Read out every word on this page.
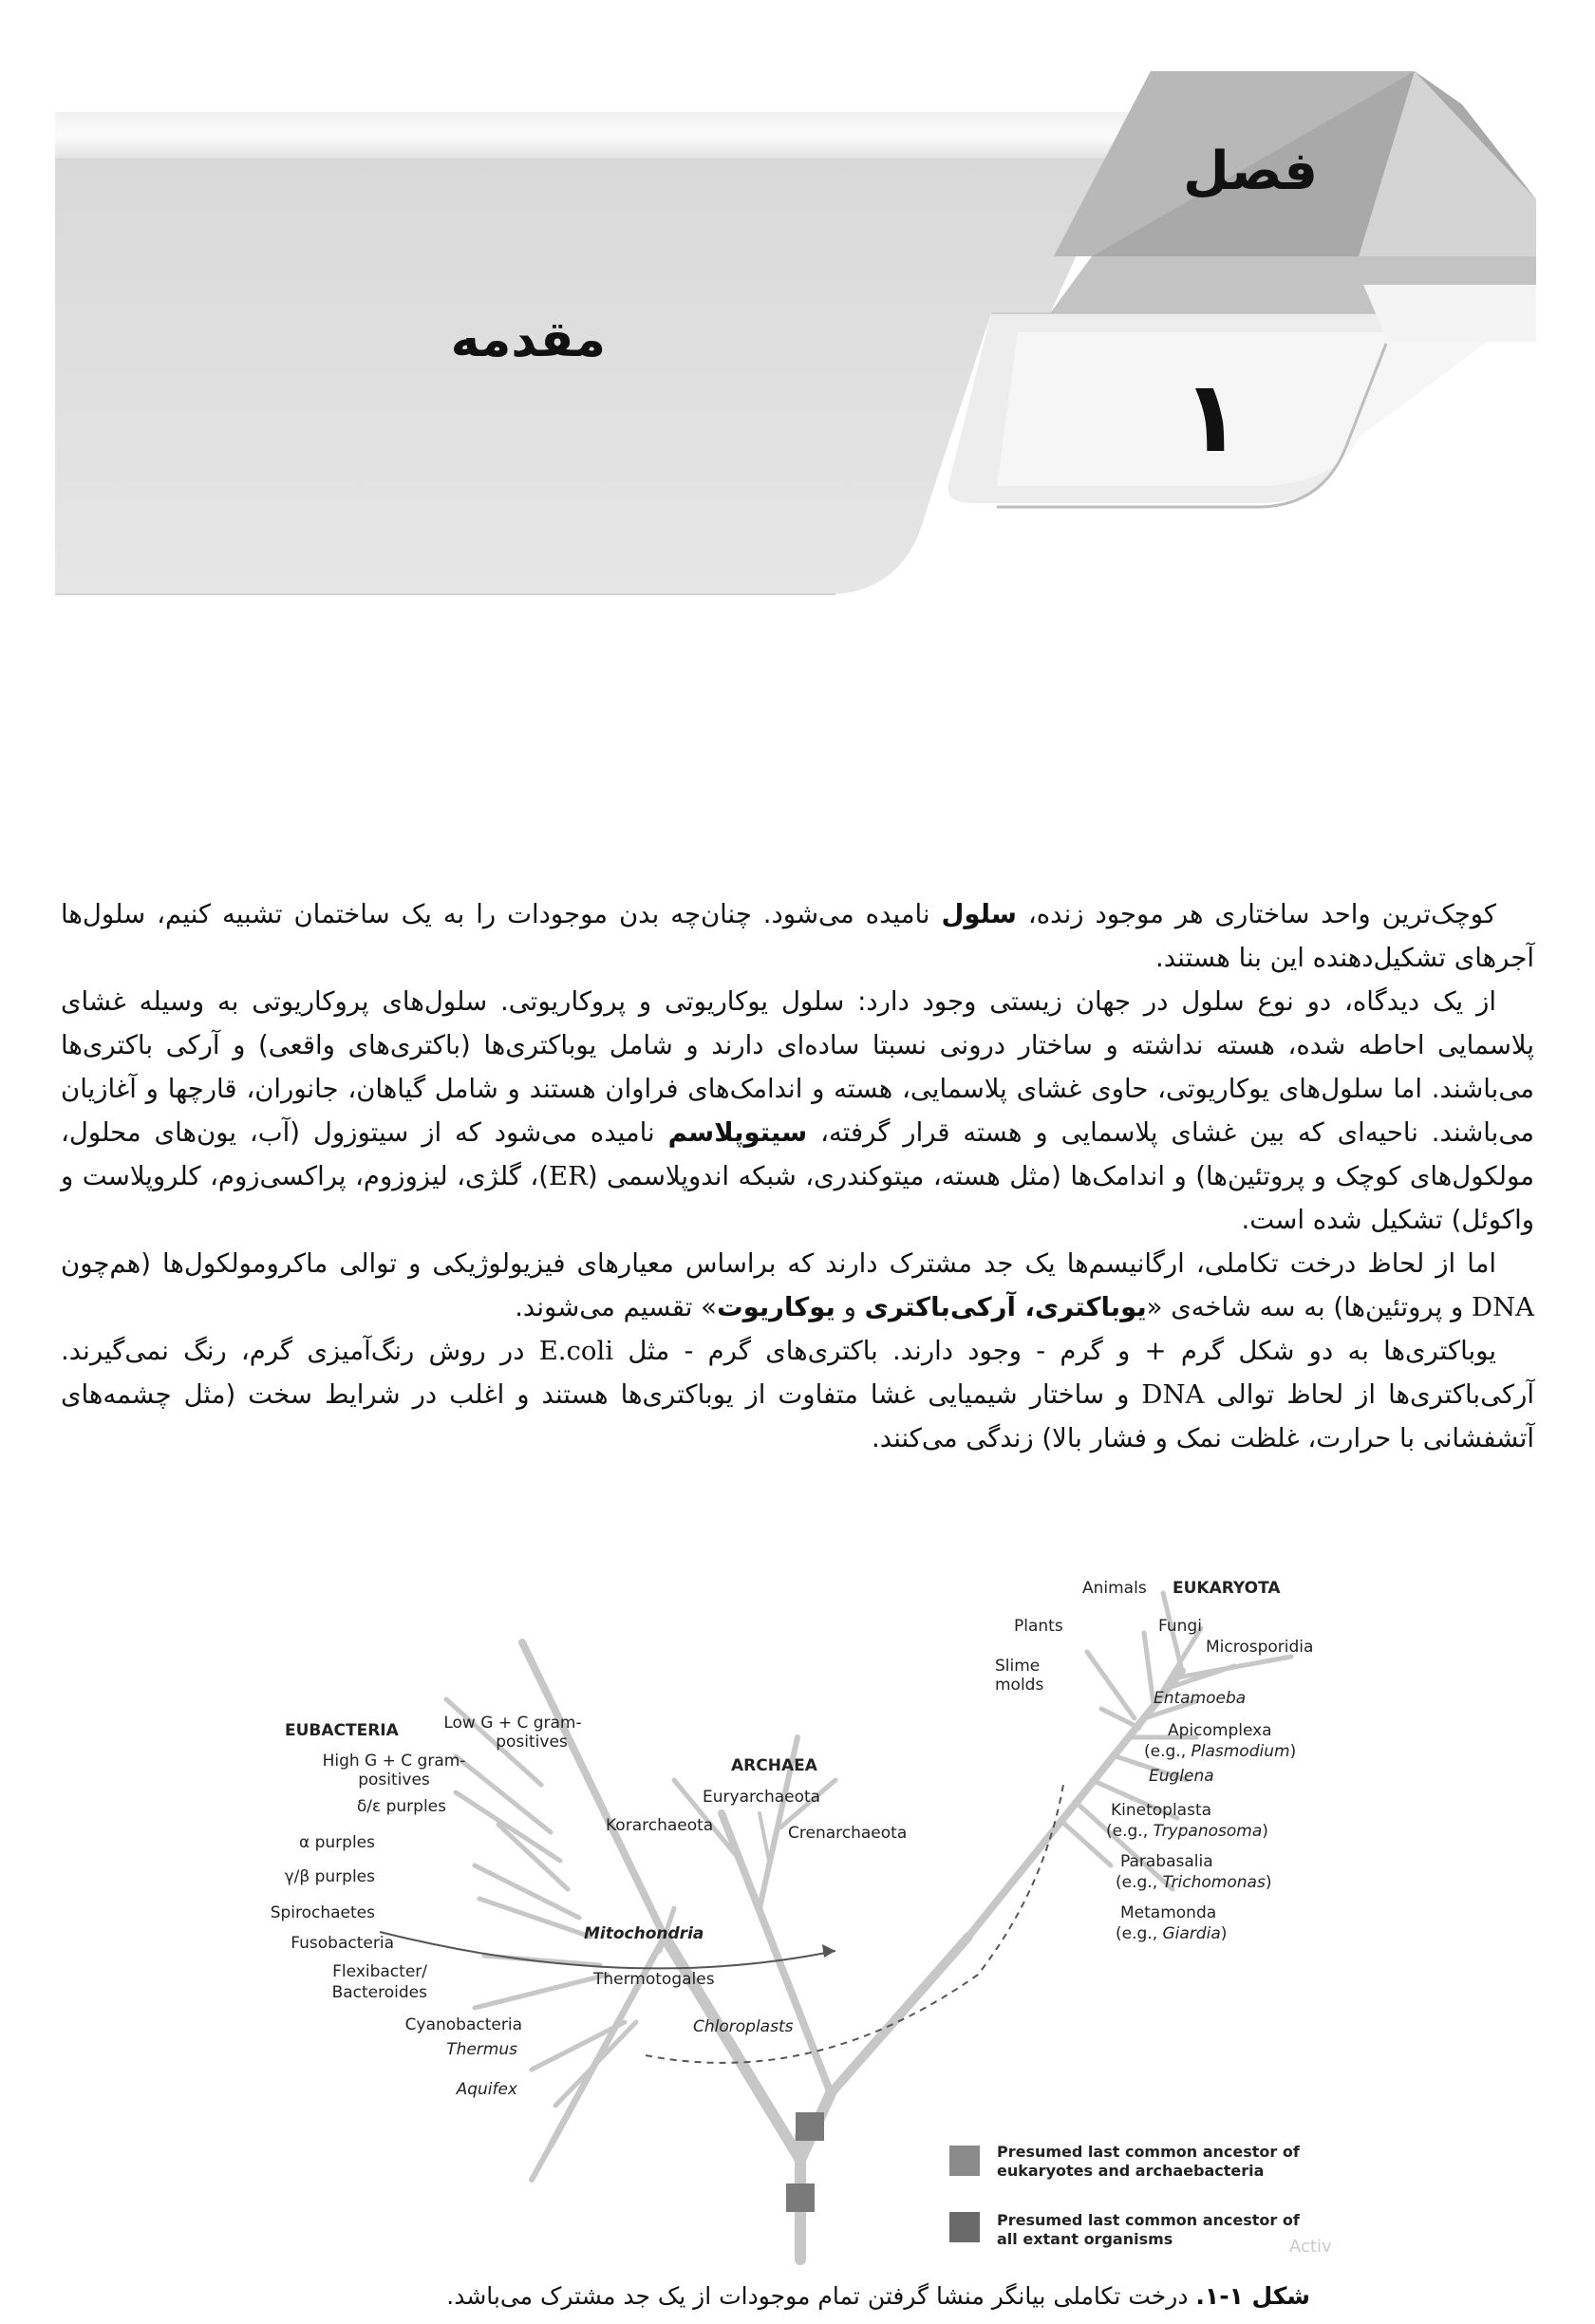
فصل
۱
مقدمه

کوچک‌ترین واحد ساختاری هر موجود زنده، سلول نامیده می‌شود. چنان‌چه بدن موجودات را به یک ساختمان تشبیه کنیم، سلول‌ها آجرهای تشکیل‌دهنده این بنا هستند.

از یک دیدگاه، دو نوع سلول در جهان زیستی وجود دارد: سلول یوکاریوتی و پروکاریوتی. سلول‌های پروکاریوتی به وسیله غشای پلاسمایی احاطه شده، هسته نداشته و ساختار درونی نسبتا ساده‌ای دارند و شامل یوباکتری‌ها (باکتری‌های واقعی) و آرکی باکتری‌ها می‌باشند. اما سلول‌های یوکاریوتی، حاوی غشای پلاسمایی، هسته و اندامک‌های فراوان هستند و شامل گیاهان، جانوران، قارچها و آغازیان می‌باشند. ناحیه‌ای که بین غشای پلاسمایی و هسته قرار گرفته، سیتوپلاسم نامیده می‌شود که از سیتوزول (آب، یون‌های محلول، مولکول‌های کوچک و پروتئین‌ها) و اندامک‌ها (مثل هسته، میتوکندری، شبکه اندوپلاسمی (ER)، گلژی، لیزوزوم، پراکسی‌زوم، کلروپلاست و واکوئل) تشکیل شده است.

اما از لحاظ درخت تکاملی، ارگانیسم‌ها یک جد مشترک دارند که براساس معیارهای فیزیولوژیکی و توالی ماکرومولکول‌ها (هم‌چون DNA و پروتئین‌ها) به سه شاخه‌ی «یوباکتری، آرکی‌باکتری و یوکاریوت» تقسیم می‌شوند.

یوباکتری‌ها به دو شکل گرم + و گرم - وجود دارند. باکتری‌های گرم - مثل E.coli در روش رنگ‌آمیزی گرم، رنگ نمی‌گیرند. آرکی‌باکتری‌ها از لحاظ توالی DNA و ساختار شیمیایی غشا متفاوت از یوباکتری‌ها هستند و اغلب در شرایط سخت (مثل چشمه‌های آتشفشانی با حرارت، غلظت نمک و فشار بالا) زندگی می‌کنند.

EUBACTERIA
ARCHAEA
EUKARYOTA
Low G + C gram-
positives
High G + C gram-
positives
δ/ε purples
α purples
γ/β purples
Spirochaetes
Fusobacteria
Flexibacter/
Bacteroides
Cyanobacteria
Thermus
Aquifex
Mitochondria
Thermotogales
Chloroplasts
Euryarchaeota
Korarchaeota	Crenarchaeota
Animals
Plants	Fungi
Microsporidia
Slime
molds
Entamoeba
Apicomplexa
(e.g., Plasmodium)
Euglena
Kinetoplasta
(e.g., Trypanosoma)
Parabasalia
(e.g., Trichomonas)
Metamonda
(e.g., Giardia)
Presumed last common ancestor of
eukaryotes and archaebacteria
Presumed last common ancestor of
all extant organisms	Activ
شکل ۱-۱. درخت تکاملی بیانگر منشا گرفتن تمام موجودات از یک جد مشترک می‌باشد.
